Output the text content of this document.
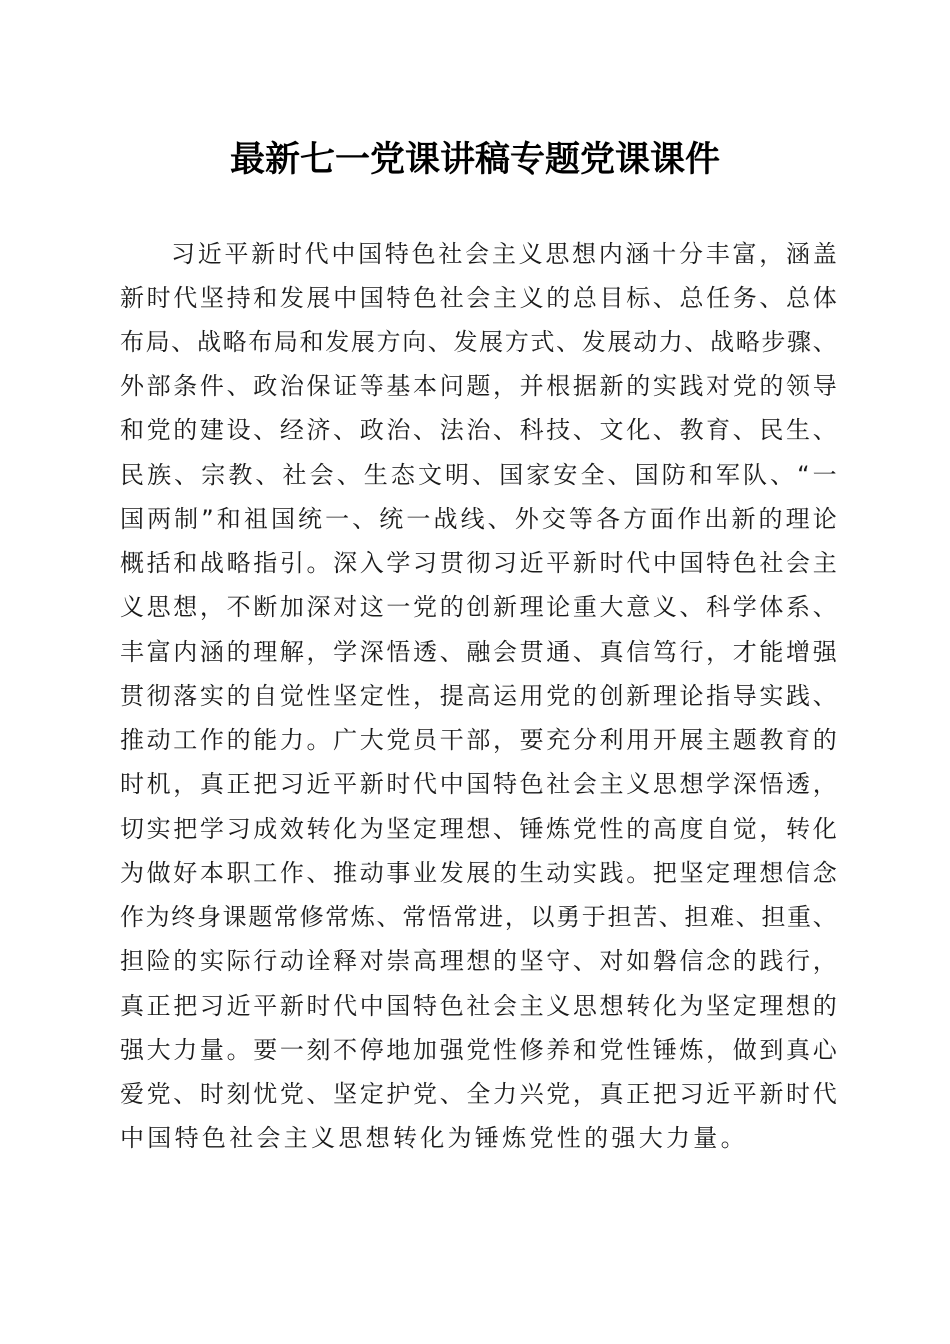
最新七一党课讲稿专题党课课件
习近平新时代中国特色社会主义思想内涵十分丰富，涵盖
新时代坚持和发展中国特色社会主义的总目标、总任务、总体
布局、战略布局和发展方向、发展方式、发展动力、战略步骤、
外部条件、政治保证等基本问题，并根据新的实践对党的领导
和党的建设、经济、政治、法治、科技、文化、教育、民生、
民族、宗教、社会、生态文明、国家安全、国防和军队、“一
国两制”和祖国统一、统一战线、外交等各方面作出新的理论
概括和战略指引。深入学习贯彻习近平新时代中国特色社会主
义思想，不断加深对这一党的创新理论重大意义、科学体系、
丰富内涵的理解，学深悟透、融会贯通、真信笃行，才能增强
贯彻落实的自觉性坚定性，提高运用党的创新理论指导实践、
推动工作的能力。广大党员干部，要充分利用开展主题教育的
时机，真正把习近平新时代中国特色社会主义思想学深悟透，
切实把学习成效转化为坚定理想、锤炼党性的高度自觉，转化
为做好本职工作、推动事业发展的生动实践。把坚定理想信念
作为终身课题常修常炼、常悟常进，以勇于担苦、担难、担重、
担险的实际行动诠释对崇高理想的坚守、对如磐信念的践行，
真正把习近平新时代中国特色社会主义思想转化为坚定理想的
强大力量。要一刻不停地加强党性修养和党性锤炼，做到真心
爱党、时刻忧党、坚定护党、全力兴党，真正把习近平新时代
中国特色社会主义思想转化为锤炼党性的强大力量。
